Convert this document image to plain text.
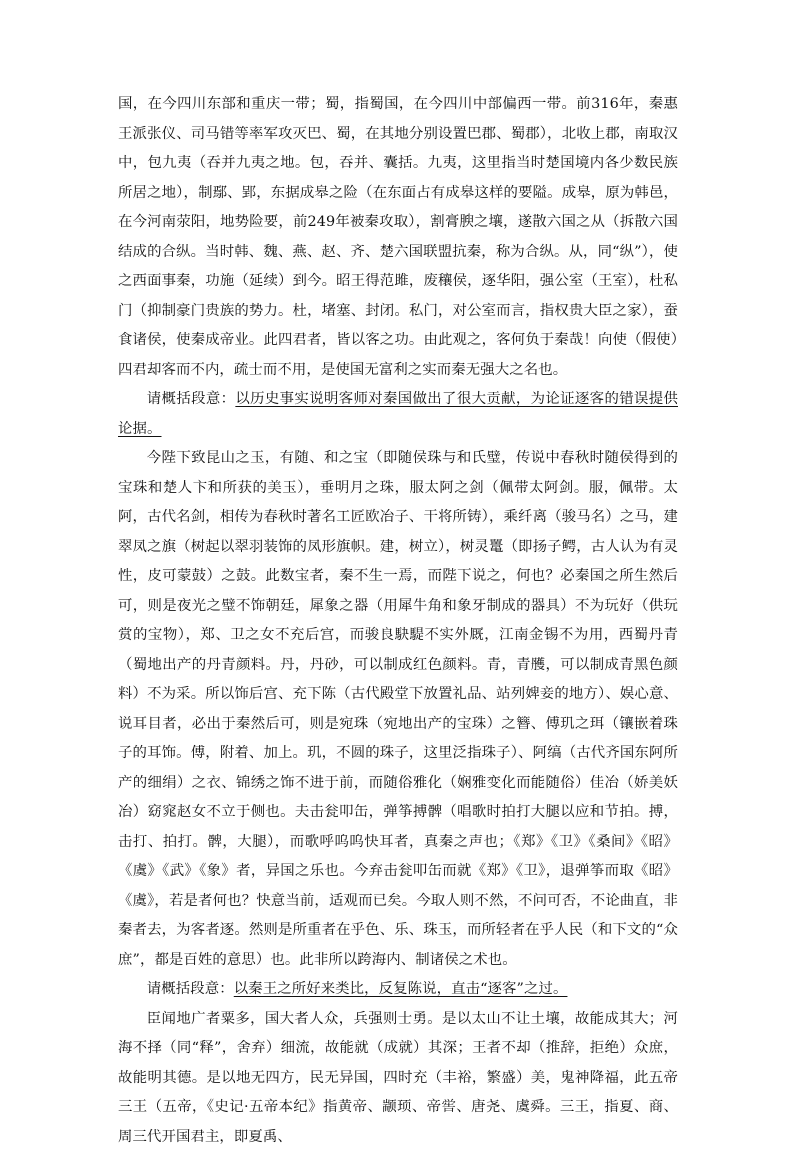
国，在今四川东部和重庆一带；蜀，指蜀国，在今四川中部偏西一带。前316年，秦惠王派张仪、司马错等率军攻灭巴、蜀，在其地分别设置巴郡、蜀郡），北收上郡，南取汉中，包九夷（吞并九夷之地。包，吞并、囊括。九夷，这里指当时楚国境内各少数民族所居之地），制鄢、郢，东据成皋之险（在东面占有成皋这样的要隘。成皋，原为韩邑，在今河南荥阳，地势险要，前249年被秦攻取），割膏腴之壤，遂散六国之从（拆散六国结成的合纵。当时韩、魏、燕、赵、齐、楚六国联盟抗秦，称为合纵。从，同“纵”），使之西面事秦，功施（延续）到今。昭王得范雎，废穰侯，逐华阳，强公室（王室），杜私门（抑制豪门贵族的势力。杜，堵塞、封闭。私门，对公室而言，指权贵大臣之家），蚕食诸侯，使秦成帝业。此四君者，皆以客之功。由此观之，客何负于秦哉！向使（假使）四君却客而不内，疏士而不用，是使国无富利之实而秦无强大之名也。

请概括段意：以历史事实说明客师对秦国做出了很大贡献，为论证逐客的错误提供论据。

今陛下致昆山之玉，有随、和之宝（即随侯珠与和氏璧，传说中春秋时随侯得到的宝珠和楚人卞和所获的美玉），垂明月之珠，服太阿之剑（佩带太阿剑。服，佩带。太阿，古代名剑，相传为春秋时著名工匠欧冶子、干将所铸），乘纤离（骏马名）之马，建翠凤之旗（树起以翠羽装饰的凤形旗帜。建，树立），树灵鼍（即扬子鳄，古人认为有灵性，皮可蒙鼓）之鼓。此数宝者，秦不生一焉，而陛下说之，何也？必秦国之所生然后可，则是夜光之璧不饰朝廷，犀象之器（用犀牛角和象牙制成的器具）不为玩好（供玩赏的宝物），郑、卫之女不充后宫，而骏良駃騠不实外厩，江南金锡不为用，西蜀丹青（蜀地出产的丹青颜料。丹，丹砂，可以制成红色颜料。青，青雘，可以制成青黑色颜料）不为采。所以饰后宫、充下陈（古代殿堂下放置礼品、站列婢妾的地方）、娱心意、说耳目者，必出于秦然后可，则是宛珠（宛地出产的宝珠）之簪、傅玑之珥（镶嵌着珠子的耳饰。傅，附着、加上。玑，不圆的珠子，这里泛指珠子）、阿缟（古代齐国东阿所产的细绢）之衣、锦绣之饰不进于前，而随俗雅化（娴雅变化而能随俗）佳冶（娇美妖冶）窈窕赵女不立于侧也。夫击瓮叩缶，弹筝搏髀（唱歌时拍打大腿以应和节拍。搏，击打、拍打。髀，大腿），而歌呼呜呜快耳者，真秦之声也；《郑》《卫》《桑间》《昭》《虞》《武》《象》者，异国之乐也。今弃击瓮叩缶而就《郑》《卫》，退弹筝而取《昭》《虞》，若是者何也？快意当前，适观而已矣。今取人则不然，不问可否，不论曲直，非秦者去，为客者逐。然则是所重者在乎色、乐、珠玉，而所轻者在乎人民（和下文的“众庶”，都是百姓的意思）也。此非所以跨海内、制诸侯之术也。

请概括段意：以秦王之所好来类比，反复陈说，直击“逐客”之过。

臣闻地广者粟多，国大者人众，兵强则士勇。是以太山不让土壤，故能成其大；河海不择（同“释”，舍弃）细流，故能就（成就）其深；王者不却（推辞，拒绝）众庶，故能明其德。是以地无四方，民无异国，四时充（丰裕，繁盛）美，鬼神降福，此五帝三王（五帝，《史记·五帝本纪》指黄帝、颛顼、帝喾、唐尧、虞舜。三王，指夏、商、周三代开国君主，即夏禹、
